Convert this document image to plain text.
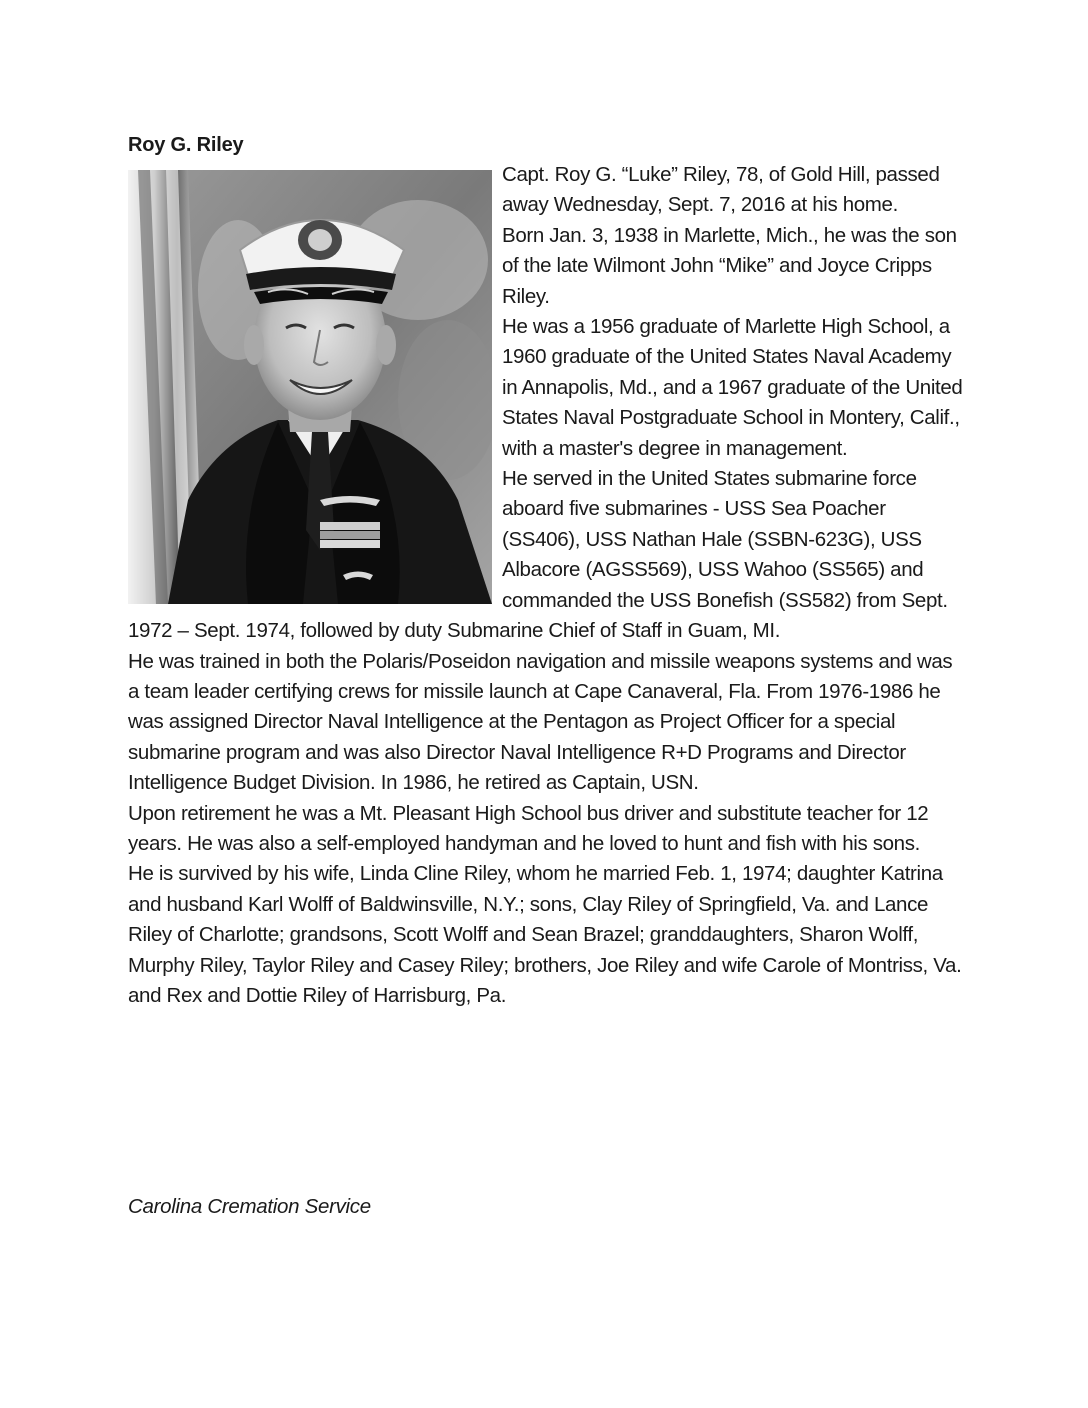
Roy G. Riley

Capt. Roy G. “Luke” Riley, 78, of Gold Hill, passed away Wednesday, Sept. 7, 2016 at his home.

Born Jan. 3, 1938 in Marlette, Mich., he was the son of the late Wilmont John “Mike” and Joyce Cripps Riley.

He was a 1956 graduate of Marlette High School, a 1960 graduate of the United States Naval Academy in Annapolis, Md., and a 1967 graduate of the United States Naval Postgraduate School in Montery, Calif., with a master's degree in management.

He served in the United States submarine force aboard five submarines - USS Sea Poacher (SS406), USS Nathan Hale (SSBN-623G), USS Albacore (AGSS569), USS Wahoo (SS565) and commanded the USS Bonefish (SS582) from Sept. 1972 – Sept. 1974, followed by duty Submarine Chief of Staff in Guam, MI.

He was trained in both the Polaris/Poseidon navigation and missile weapons systems and was a team leader certifying crews for missile launch at Cape Canaveral, Fla. From 1976-1986 he was assigned Director Naval Intelligence at the Pentagon as Project Officer for a special submarine program and was also Director Naval Intelligence R+D Programs and Director Intelligence Budget Division. In 1986, he retired as Captain, USN.

Upon retirement he was a Mt. Pleasant High School bus driver and substitute teacher for 12 years. He was also a self-employed handyman and he loved to hunt and fish with his sons.

He is survived by his wife, Linda Cline Riley, whom he married Feb. 1, 1974; daughter Katrina and husband Karl Wolff of Baldwinsville, N.Y.; sons, Clay Riley of Springfield, Va. and Lance Riley of Charlotte; grandsons, Scott Wolff and Sean Brazel; granddaughters, Sharon Wolff, Murphy Riley, Taylor Riley and Casey Riley; brothers, Joe Riley and wife Carole of Montriss, Va. and Rex and Dottie Riley of Harrisburg, Pa.

Carolina Cremation Service
